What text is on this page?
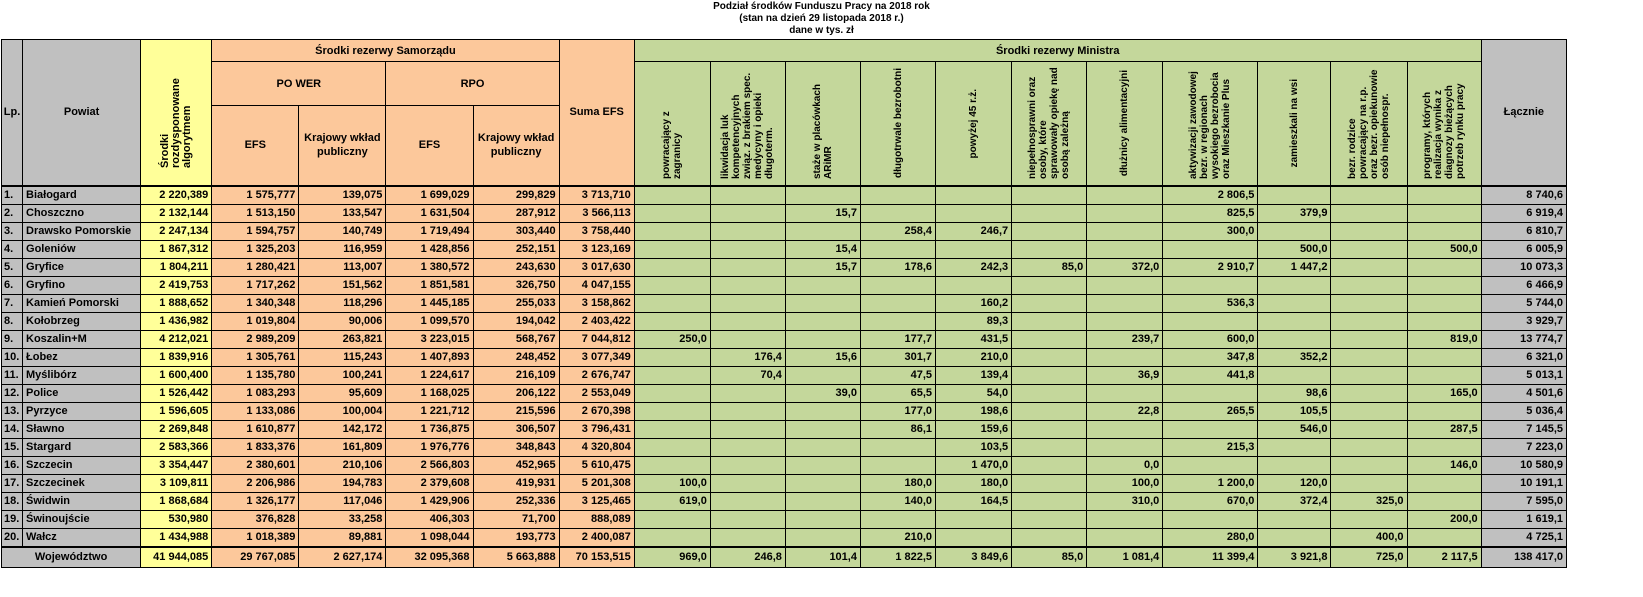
Podział środków Funduszu Pracy na 2018 rok
(stan na dzień 29 listopada 2018 r.)
dane w tys. zł
Lp.	Powiat	Środki rozdysponowane algorytmem	Środki rezerwy Samorządu				Suma EFS	Środki rezerwy Ministra											Łącznie
			PO WER		RPO			powracający z zagranicy	likwidacja luk kompetencyjnych związ. z brakiem spec. medycyny i opieki długoterm.	staże w placówkach ARiMR	długotrwale bezrobotni	powyżej 45 r.ż.	niepełnosprawni oraz osoby, które sprawowały opiekę nad osobą zależną	dłużnicy alimentacyjni	aktywizacji zawodowej bezr. w regionach wysokiego bezrobocia oraz Mieszkanie Plus	zamieszkali na wsi	bezr. rodzice powracający na r.p. oraz bezr. opiekunowie osób niepełnospr.	programy, których realizacja wynika z diagnozy bieżących potrzeb rynku pracy	

			EFS	Krajowy wkład publiczny	EFS	Krajowy wkład publiczny													
1.	Białogard	2 220,389	1 575,777	139,075	1 699,029	299,829	3 713,710								2 806,5				8 740,6
2.	Choszczno	2 132,144	1 513,150	133,547	1 631,504	287,912	3 566,113			15,7					825,5	379,9			6 919,4
3.	Drawsko Pomorskie	2 247,134	1 594,757	140,749	1 719,494	303,440	3 758,440				258,4	246,7			300,0				6 810,7
4.	Goleniów	1 867,312	1 325,203	116,959	1 428,856	252,151	3 123,169			15,4						500,0		500,0	6 005,9
5.	Gryfice	1 804,211	1 280,421	113,007	1 380,572	243,630	3 017,630			15,7	178,6	242,3	85,0	372,0	2 910,7	1 447,2			10 073,3
6.	Gryfino	2 419,753	1 717,262	151,562	1 851,581	326,750	4 047,155												6 466,9
7.	Kamień Pomorski	1 888,652	1 340,348	118,296	1 445,185	255,033	3 158,862					160,2			536,3				5 744,0
8.	Kołobrzeg	1 436,982	1 019,804	90,006	1 099,570	194,042	2 403,422					89,3							3 929,7
9.	Koszalin+M	4 212,021	2 989,209	263,821	3 223,015	568,767	7 044,812	250,0			177,7	431,5		239,7	600,0			819,0	13 774,7
10.	Łobez	1 839,916	1 305,761	115,243	1 407,893	248,452	3 077,349		176,4	15,6	301,7	210,0			347,8	352,2			6 321,0
11.	Myślibórz	1 600,400	1 135,780	100,241	1 224,617	216,109	2 676,747		70,4		47,5	139,4		36,9	441,8				5 013,1
12.	Police	1 526,442	1 083,293	95,609	1 168,025	206,122	2 553,049			39,0	65,5	54,0				98,6		165,0	4 501,6
13.	Pyrzyce	1 596,605	1 133,086	100,004	1 221,712	215,596	2 670,398				177,0	198,6		22,8	265,5	105,5			5 036,4
14.	Sławno	2 269,848	1 610,877	142,172	1 736,875	306,507	3 796,431				86,1	159,6				546,0		287,5	7 145,5
15.	Stargard	2 583,366	1 833,376	161,809	1 976,776	348,843	4 320,804					103,5			215,3				7 223,0
16.	Szczecin	3 354,447	2 380,601	210,106	2 566,803	452,965	5 610,475					1 470,0		0,0				146,0	10 580,9
17.	Szczecinek	3 109,811	2 206,986	194,783	2 379,608	419,931	5 201,308	100,0			180,0	180,0		100,0	1 200,0	120,0			10 191,1
18.	Świdwin	1 868,684	1 326,177	117,046	1 429,906	252,336	3 125,465	619,0			140,0	164,5		310,0	670,0	372,4	325,0		7 595,0
19.	Świnoujście	530,980	376,828	33,258	406,303	71,700	888,089											200,0	1 619,1
20.	Wałcz	1 434,988	1 018,389	89,881	1 098,044	193,773	2 400,087				210,0				280,0		400,0		4 725,1
Województwo		41 944,085	29 767,085	2 627,174	32 095,368	5 663,888	70 153,515	969,0	246,8	101,4	1 822,5	3 849,6	85,0	1 081,4	11 399,4	3 921,8	725,0	2 117,5	138 417,0
